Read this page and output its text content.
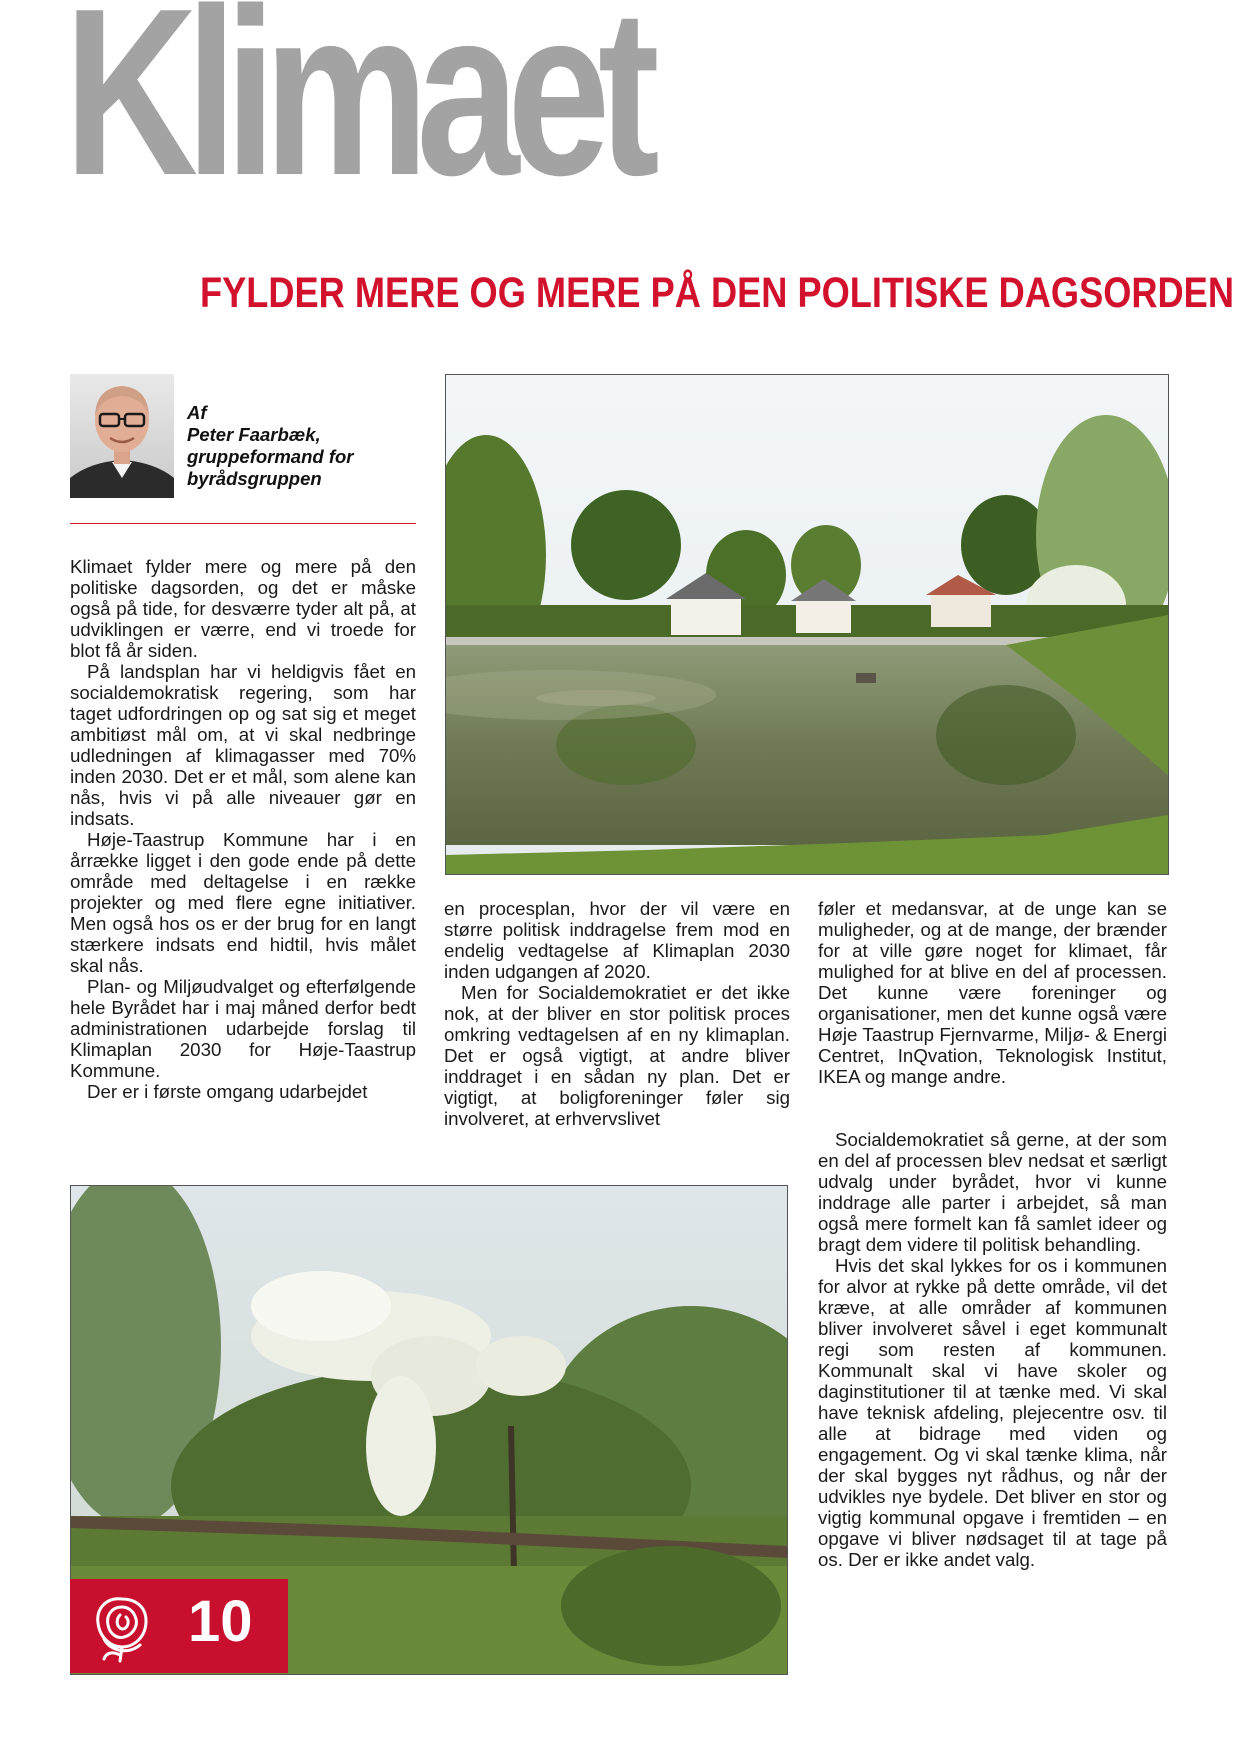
Klimaet
FYLDER MERE OG MERE PÅ DEN POLITISKE DAGSORDEN
Af
Peter Faarbæk,
gruppeformand for
byrådsgruppen

Klimaet fylder mere og mere på den politiske dagsorden, og det er måske også på tide, for desværre tyder alt på, at udviklingen er værre, end vi troede for blot få år siden.

På landsplan har vi heldigvis fået en socialdemokratisk regering, som har taget udfordringen op og sat sig et meget ambitiøst mål om, at vi skal nedbringe udledningen af klimagasser med 70% inden 2030. Det er et mål, som alene kan nås, hvis vi på alle niveauer gør en indsats.

Høje-Taastrup Kommune har i en årrække ligget i den gode ende på dette område med deltagelse i en række projekter og med flere egne initiativer. Men også hos os er der brug for en langt stærkere indsats end hidtil, hvis målet skal nås.

Plan- og Miljøudvalget og efterfølgende hele Byrådet har i maj måned derfor bedt administrationen udarbejde forslag til Klimaplan 2030 for Høje-Taastrup Kommune.

Der er i første omgang udarbejdet

en procesplan, hvor der vil være en større politisk inddragelse frem mod en endelig vedtagelse af Klimaplan 2030 inden udgangen af 2020.

Men for Socialdemokratiet er det ikke nok, at der bliver en stor politisk proces omkring vedtagelsen af en ny klimaplan. Det er også vigtigt, at andre bliver inddraget i en sådan ny plan. Det er vigtigt, at boligforeninger føler sig involveret, at erhvervslivet

føler et medansvar, at de unge kan se muligheder, og at de mange, der brænder for at ville gøre noget for klimaet, får mulighed for at blive en del af processen. Det kunne være foreninger og organisationer, men det kunne også være Høje Taastrup Fjernvarme, Miljø- & Energi Centret, InQvation, Teknologisk Institut, IKEA og mange andre.

Socialdemokratiet så gerne, at der som en del af processen blev nedsat et særligt udvalg under byrådet, hvor vi kunne inddrage alle parter i arbejdet, så man også mere formelt kan få samlet ideer og bragt dem videre til politisk behandling.

Hvis det skal lykkes for os i kommunen for alvor at rykke på dette område, vil det kræve, at alle områder af kommunen bliver involveret såvel i eget kommunalt regi som resten af kommunen. Kommunalt skal vi have skoler og daginstitutioner til at tænke med. Vi skal have teknisk afdeling, plejecentre osv. til alle at bidrage med viden og engagement. Og vi skal tænke klima, når der skal bygges nyt rådhus, og når der udvikles nye bydele. Det bliver en stor og vigtig kommunal opgave i fremtiden – en opgave vi bliver nødsaget til at tage på os. Der er ikke andet valg.

10
